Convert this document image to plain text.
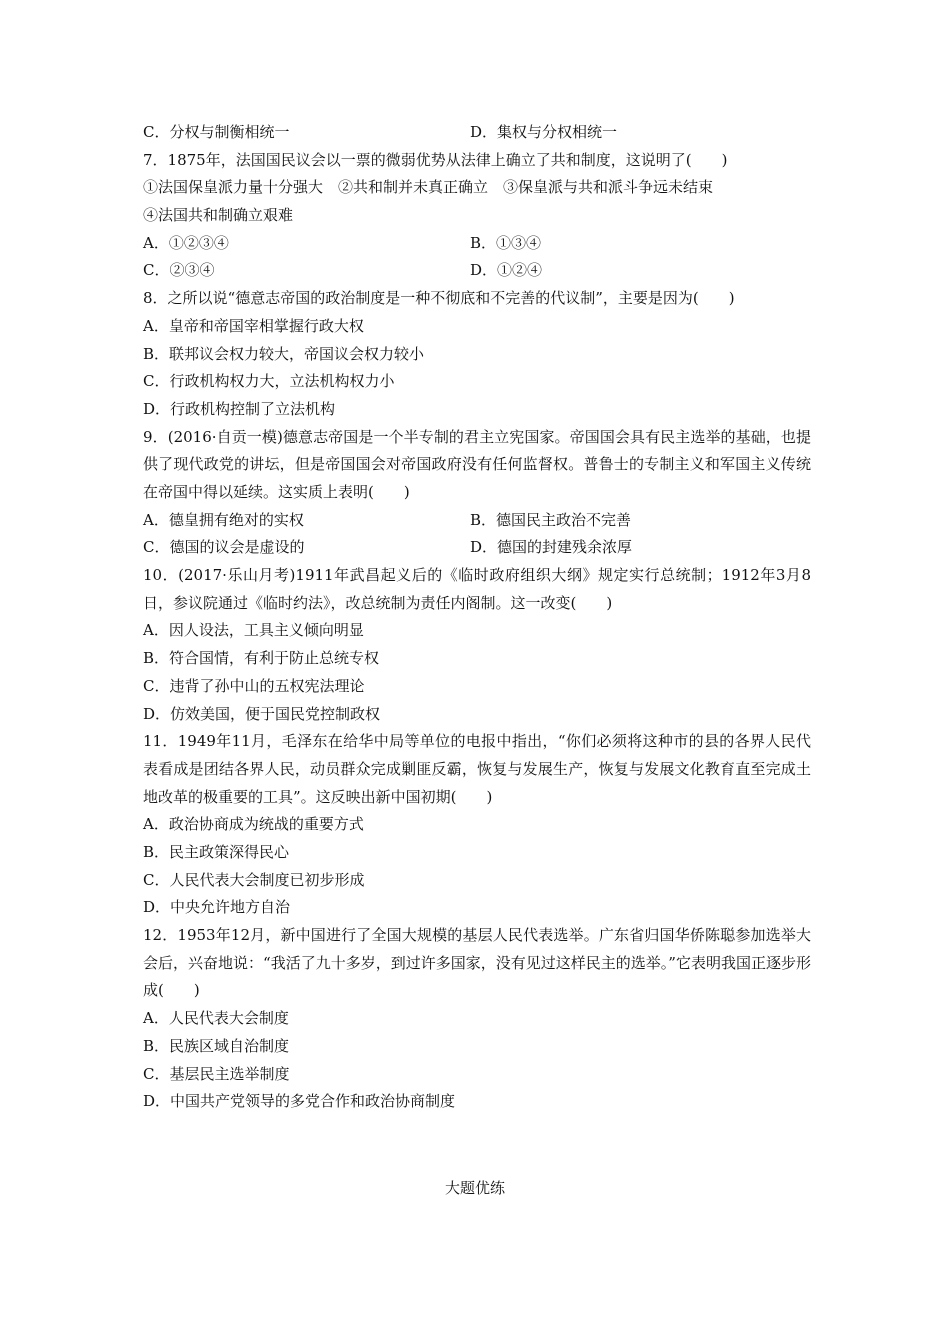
C．分权与制衡相统一	D．集权与分权相统一
7．1875年，法国国民议会以一票的微弱优势从法律上确立了共和制度，这说明了(　　)
①法国保皇派力量十分强大　②共和制并未真正确立　③保皇派与共和派斗争远未结束
④法国共和制确立艰难
A．①②③④	B．①③④
C．②③④	D．①②④
8．之所以说“德意志帝国的政治制度是一种不彻底和不完善的代议制”，主要是因为(　　)
A．皇帝和帝国宰相掌握行政大权
B．联邦议会权力较大，帝国议会权力较小
C．行政机构权力大，立法机构权力小
D．行政机构控制了立法机构
9．(2016·自贡一模)德意志帝国是一个半专制的君主立宪国家。帝国国会具有民主选举的基础，也提供了现代政党的讲坛，但是帝国国会对帝国政府没有任何监督权。普鲁士的专制主义和军国主义传统在帝国中得以延续。这实质上表明(　　)
A．德皇拥有绝对的实权	B．德国民主政治不完善
C．德国的议会是虚设的	D．德国的封建残余浓厚
10．(2017·乐山月考)1911年武昌起义后的《临时政府组织大纲》规定实行总统制；1912年3月8日，参议院通过《临时约法》，改总统制为责任内阁制。这一改变(　　)
A．因人设法，工具主义倾向明显
B．符合国情，有利于防止总统专权
C．违背了孙中山的五权宪法理论
D．仿效美国，便于国民党控制政权
11．1949年11月，毛泽东在给华中局等单位的电报中指出，“你们必须将这种市的县的各界人民代表看成是团结各界人民，动员群众完成剿匪反霸，恢复与发展生产，恢复与发展文化教育直至完成土地改革的极重要的工具”。这反映出新中国初期(　　)
A．政治协商成为统战的重要方式
B．民主政策深得民心
C．人民代表大会制度已初步形成
D．中央允许地方自治
12．1953年12月，新中国进行了全国大规模的基层人民代表选举。广东省归国华侨陈聪参加选举大会后，兴奋地说：“我活了九十多岁，到过许多国家，没有见过这样民主的选举。”它表明我国正逐步形成(　　)
A．人民代表大会制度
B．民族区域自治制度
C．基层民主选举制度
D．中国共产党领导的多党合作和政治协商制度
大题优练
